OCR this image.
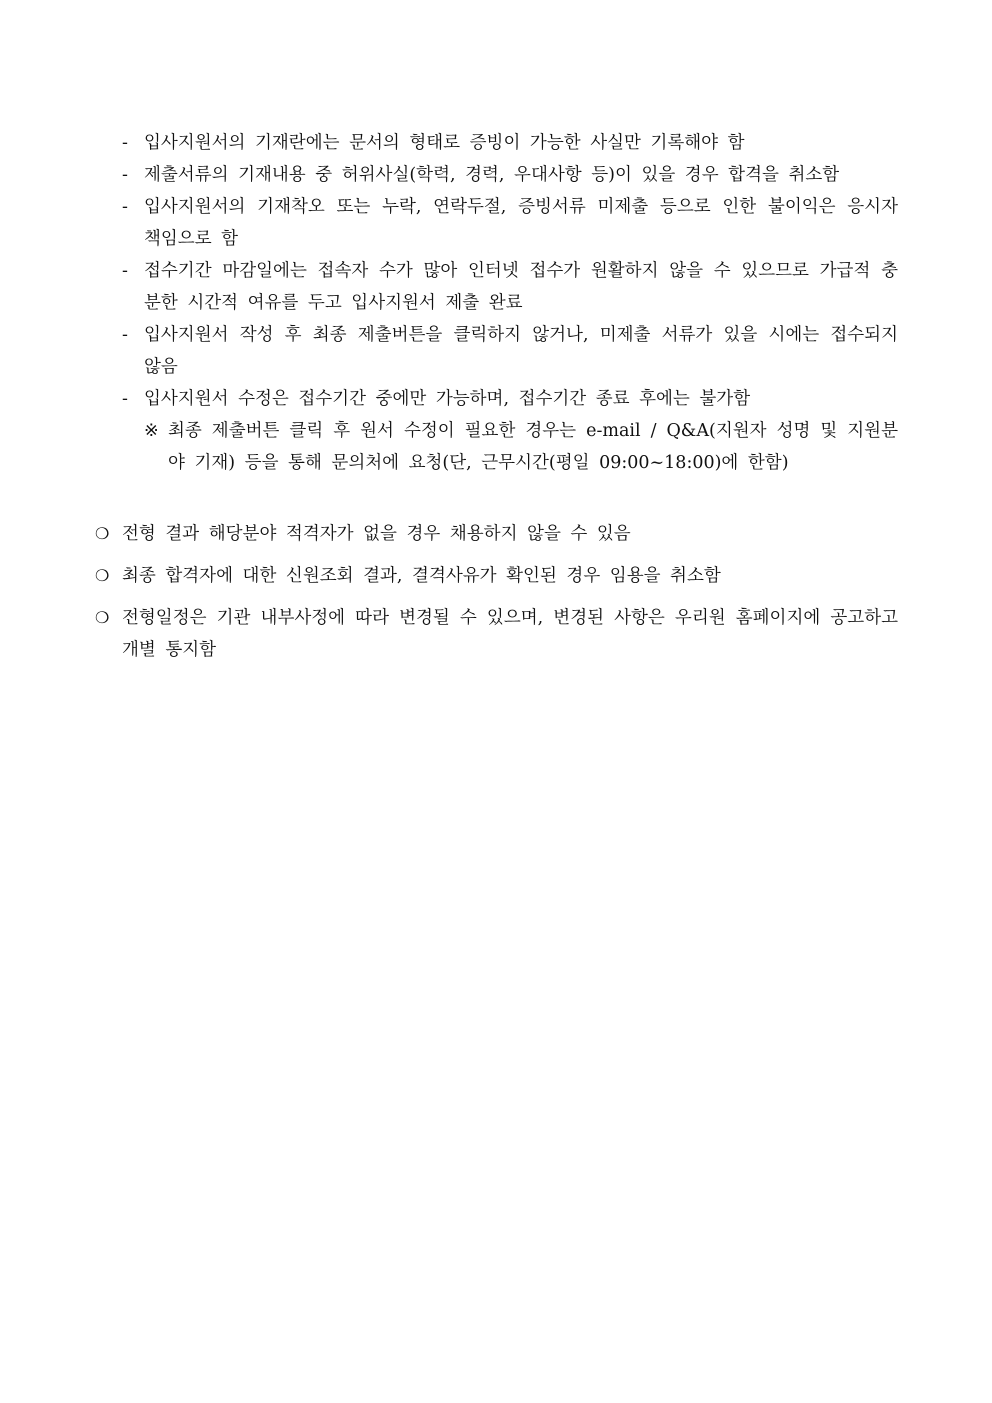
- 입사지원서의 기재란에는 문서의 형태로 증빙이 가능한 사실만 기록해야 함
- 제출서류의 기재내용 중 허위사실(학력, 경력, 우대사항 등)이 있을 경우 합격을 취소함
- 입사지원서의 기재착오 또는 누락, 연락두절, 증빙서류 미제출 등으로 인한 불이익은 응시자 책임으로 함
- 접수기간 마감일에는 접속자 수가 많아 인터넷 접수가 원활하지 않을 수 있으므로 가급적 충분한 시간적 여유를 두고 입사지원서 제출 완료
- 입사지원서 작성 후 최종 제출버튼을 클릭하지 않거나, 미제출 서류가 있을 시에는 접수되지 않음
- 입사지원서 수정은 접수기간 중에만 가능하며, 접수기간 종료 후에는 불가함
※ 최종 제출버튼 클릭 후 원서 수정이 필요한 경우는 e-mail / Q&A(지원자 성명 및 지원분야 기재) 등을 통해 문의처에 요청(단, 근무시간(평일 09:00~18:00)에 한함)
❍ 전형 결과 해당분야 적격자가 없을 경우 채용하지 않을 수 있음
❍ 최종 합격자에 대한 신원조회 결과, 결격사유가 확인된 경우 임용을 취소함
❍ 전형일정은 기관 내부사정에 따라 변경될 수 있으며, 변경된 사항은 우리원 홈페이지에 공고하고 개별 통지함
